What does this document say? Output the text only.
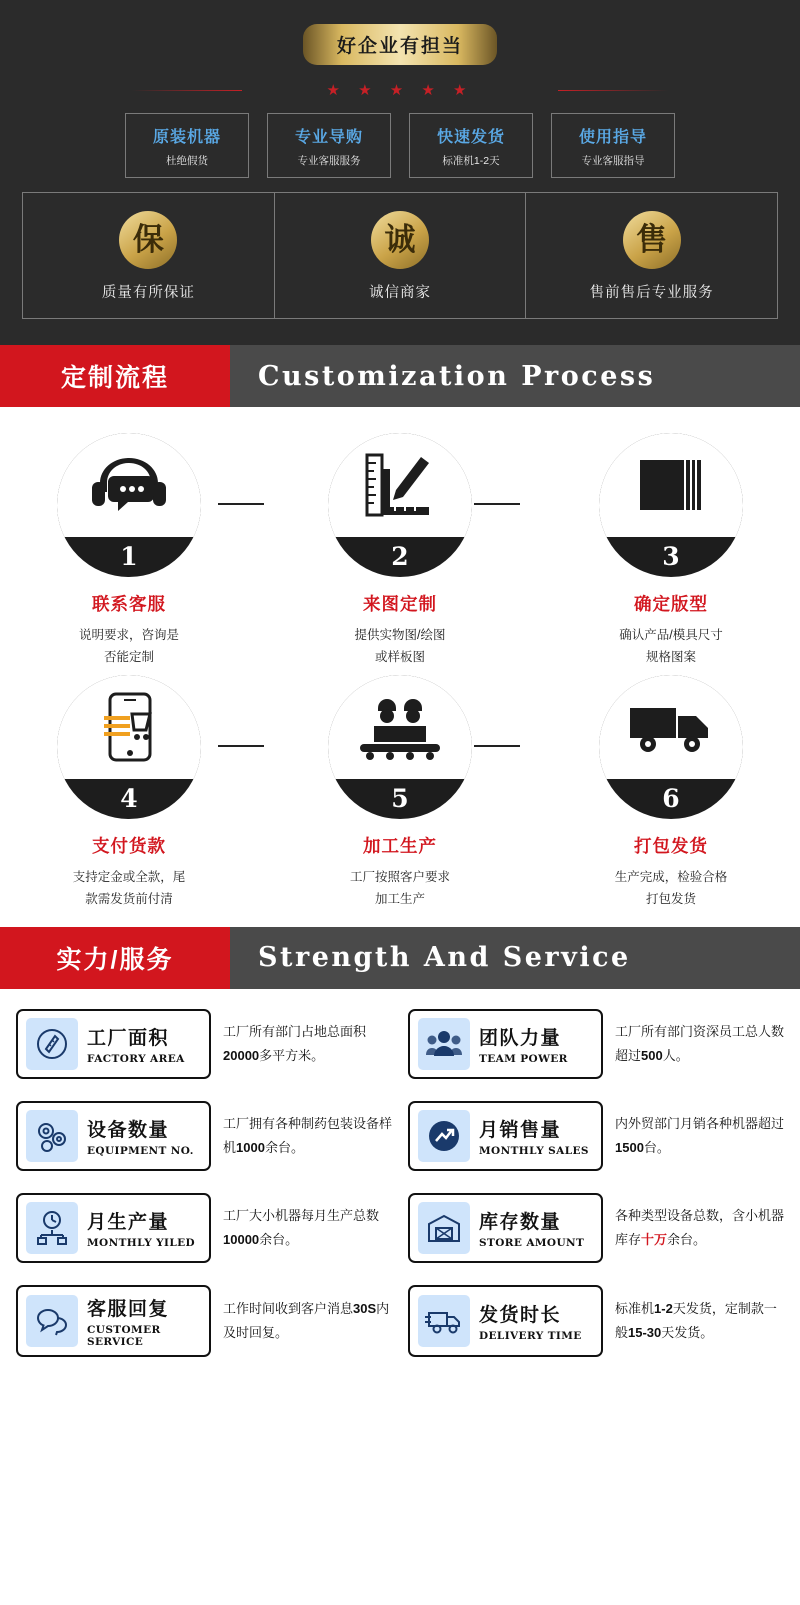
好企业有担当
★ ★ ★ ★ ★
原装机器
杜绝假货
专业导购
专业客服服务
快速发货
标准机1-2天
使用指导
专业客服指导
保
质量有所保证
诚
诚信商家
售
售前售后专业服务
定制流程	Customization Process
1
联系客服
说明要求，咨询是
否能定制
2
来图定制
提供实物图/绘图
或样板图
3
确定版型
确认产品/模具尺寸
规格图案
4
支付货款
支持定金或全款，尾
款需发货前付清
5
加工生产
工厂按照客户要求
加工生产
6
打包发货
生产完成，检验合格
打包发货
实力/服务	Strength And Service
工厂面积
FACTORY AREA
工厂所有部门占地总面积20000多平方米。
团队力量
TEAM POWER
工厂所有部门资深员工总人数超过500人。
设备数量
EQUIPMENT NO.
工厂拥有各种制药包装设备样机1000余台。
月销售量
MONTHLY SALES
内外贸部门月销各种机器超过1500台。
月生产量
MONTHLY YILED
工厂大小机器每月生产总数10000余台。
库存数量
STORE AMOUNT
各种类型设备总数，含小机器库存十万余台。
客服回复
CUSTOMER SERVICE
工作时间收到客户消息30S内及时回复。
发货时长
DELIVERY TIME
标准机1-2天发货，定制款一般15-30天发货。
